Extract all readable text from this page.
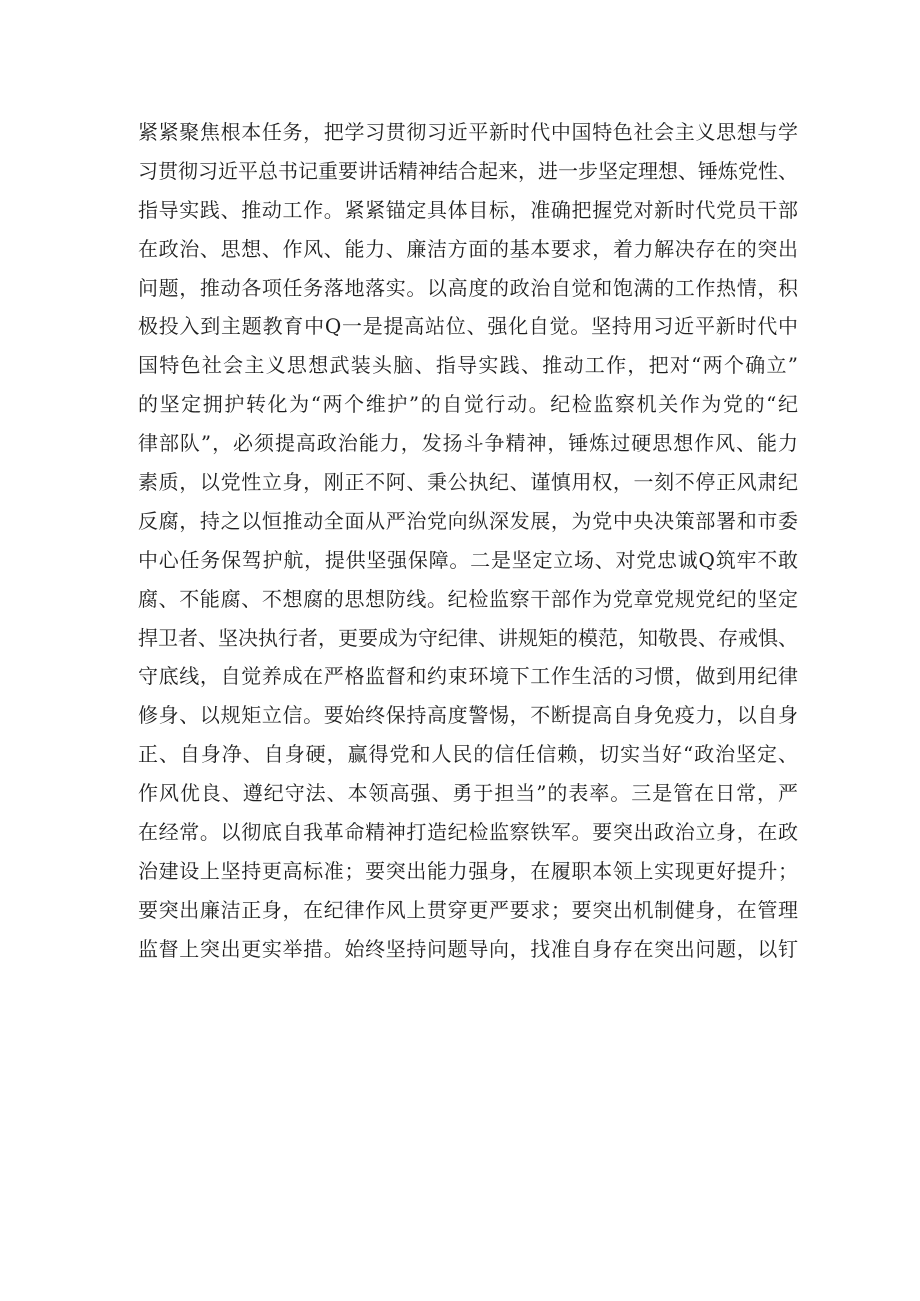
紧紧聚焦根本任务，把学习贯彻习近平新时代中国特色社会主义思想与学
习贯彻习近平总书记重要讲话精神结合起来，进一步坚定理想、锤炼党性、
指导实践、推动工作。紧紧锚定具体目标，准确把握党对新时代党员干部
在政治、思想、作风、能力、廉洁方面的基本要求，着力解决存在的突出
问题，推动各项任务落地落实。以高度的政治自觉和饱满的工作热情，积
极投入到主题教育中Q一是提高站位、强化自觉。坚持用习近平新时代中
国特色社会主义思想武装头脑、指导实践、推动工作，把对“两个确立”
的坚定拥护转化为“两个维护”的自觉行动。纪检监察机关作为党的“纪
律部队”，必须提高政治能力，发扬斗争精神，锤炼过硬思想作风、能力
素质，以党性立身，刚正不阿、秉公执纪、谨慎用权，一刻不停正风肃纪
反腐，持之以恒推动全面从严治党向纵深发展，为党中央决策部署和市委
中心任务保驾护航，提供坚强保障。二是坚定立场、对党忠诚Q筑牢不敢
腐、不能腐、不想腐的思想防线。纪检监察干部作为党章党规党纪的坚定
捍卫者、坚决执行者，更要成为守纪律、讲规矩的模范，知敬畏、存戒惧、
守底线，自觉养成在严格监督和约束环境下工作生活的习惯，做到用纪律
修身、以规矩立信。要始终保持高度警惕，不断提高自身免疫力，以自身
正、自身净、自身硬，赢得党和人民的信任信赖，切实当好“政治坚定、
作风优良、遵纪守法、本领高强、勇于担当”的表率。三是管在日常，严
在经常。以彻底自我革命精神打造纪检监察铁军。要突出政治立身，在政
治建设上坚持更高标准；要突出能力强身，在履职本领上实现更好提升；
要突出廉洁正身，在纪律作风上贯穿更严要求；要突出机制健身，在管理
监督上突出更实举措。始终坚持问题导向，找准自身存在突出问题，以钉
